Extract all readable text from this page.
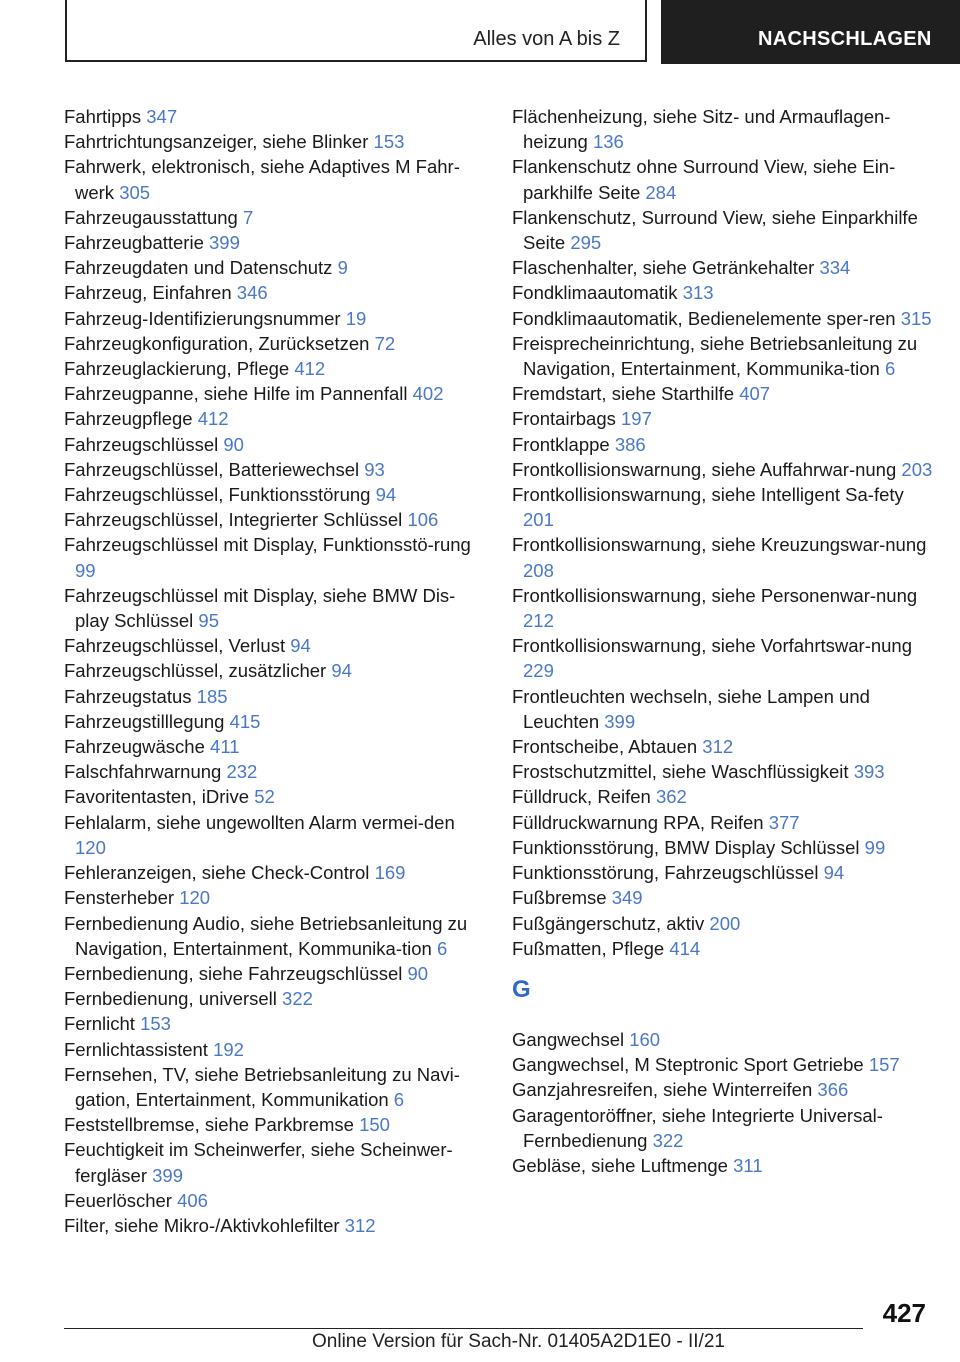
Alles von A bis Z	NACHSCHLAGEN
Fahrtipps 347
Fahrtrichtungsanzeiger, siehe Blinker 153
Fahrwerk, elektronisch, siehe Adaptives M Fahr-werk 305
Fahrzeugausstattung 7
Fahrzeugbatterie 399
Fahrzeugdaten und Datenschutz 9
Fahrzeug, Einfahren 346
Fahrzeug-Identifizierungsnummer 19
Fahrzeugkonfiguration, Zurücksetzen 72
Fahrzeuglackierung, Pflege 412
Fahrzeugpanne, siehe Hilfe im Pannenfall 402
Fahrzeugpflege 412
Fahrzeugschlüssel 90
Fahrzeugschlüssel, Batteriewechsel 93
Fahrzeugschlüssel, Funktionsstörung 94
Fahrzeugschlüssel, Integrierter Schlüssel 106
Fahrzeugschlüssel mit Display, Funktionsstö-rung 99
Fahrzeugschlüssel mit Display, siehe BMW Dis-play Schlüssel 95
Fahrzeugschlüssel, Verlust 94
Fahrzeugschlüssel, zusätzlicher 94
Fahrzeugstatus 185
Fahrzeugstilllegung 415
Fahrzeugwäsche 411
Falschfahrwarnung 232
Favoritentasten, iDrive 52
Fehlalarm, siehe ungewollten Alarm vermei-den 120
Fehleranzeigen, siehe Check-Control 169
Fensterheber 120
Fernbedienung Audio, siehe Betriebsanleitung zu Navigation, Entertainment, Kommunika-tion 6
Fernbedienung, siehe Fahrzeugschlüssel 90
Fernbedienung, universell 322
Fernlicht 153
Fernlichtassistent 192
Fernsehen, TV, siehe Betriebsanleitung zu Navi-gation, Entertainment, Kommunikation 6
Feststellbremse, siehe Parkbremse 150
Feuchtigkeit im Scheinwerfer, siehe Scheinwer-fergläser 399
Feuerlöscher 406
Filter, siehe Mikro-/Aktivkohlefilter 312
Flächenheizung, siehe Sitz- und Armauflagen-heizung 136
Flankenschutz ohne Surround View, siehe Ein-parkhilfe Seite 284
Flankenschutz, Surround View, siehe Einparkhilfe Seite 295
Flaschenhalter, siehe Getränkehalter 334
Fondklimaautomatik 313
Fondklimaautomatik, Bedienelemente sper-ren 315
Freisprecheinrichtung, siehe Betriebsanleitung zu Navigation, Entertainment, Kommunika-tion 6
Fremdstart, siehe Starthilfe 407
Frontairbags 197
Frontklappe 386
Frontkollisionswarnung, siehe Auffahrwar-nung 203
Frontkollisionswarnung, siehe Intelligent Sa-fety 201
Frontkollisionswarnung, siehe Kreuzungswar-nung 208
Frontkollisionswarnung, siehe Personenwar-nung 212
Frontkollisionswarnung, siehe Vorfahrtswar-nung 229
Frontleuchten wechseln, siehe Lampen und Leuchten 399
Frontscheibe, Abtauen 312
Frostschutzmittel, siehe Waschflüssigkeit 393
Fülldruck, Reifen 362
Fülldruckwarnung RPA, Reifen 377
Funktionsstörung, BMW Display Schlüssel 99
Funktionsstörung, Fahrzeugschlüssel 94
Fußbremse 349
Fußgängerschutz, aktiv 200
Fußmatten, Pflege 414
G
Gangwechsel 160
Gangwechsel, M Steptronic Sport Getriebe 157
Ganzjahresreifen, siehe Winterreifen 366
Garagentoröffner, siehe Integrierte Universal-Fernbedienung 322
Gebläse, siehe Luftmenge 311
427
Online Version für Sach-Nr. 01405A2D1E0 - II/21
